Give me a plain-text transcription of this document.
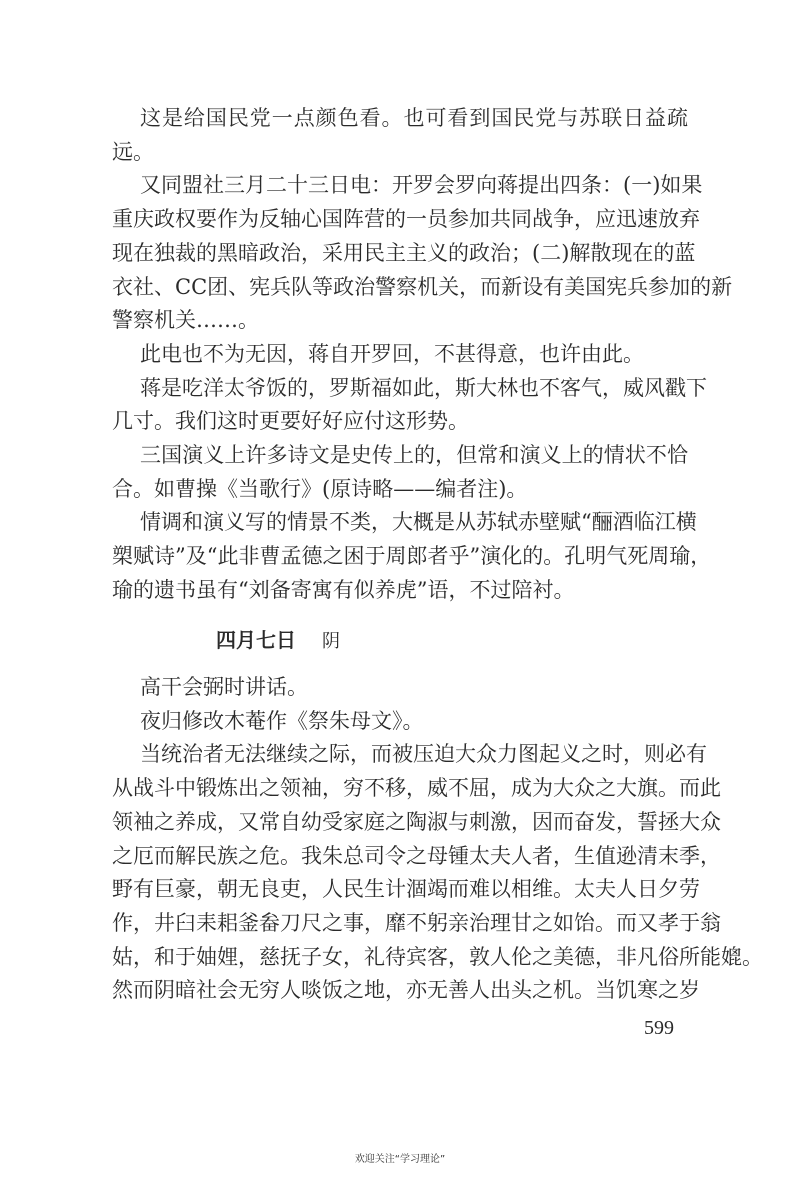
这是给国民党一点颜色看。也可看到国民党与苏联日益疏
远。
又同盟社三月二十三日电：开罗会罗向蒋提出四条：(一)如果
重庆政权要作为反轴心国阵营的一员参加共同战争，应迅速放弃
现在独裁的黑暗政治，采用民主主义的政治；(二)解散现在的蓝
衣社、CC团、宪兵队等政治警察机关，而新设有美国宪兵参加的新
警察机关……。
此电也不为无因，蒋自开罗回，不甚得意，也许由此。
蒋是吃洋太爷饭的，罗斯福如此，斯大林也不客气，威风戳下
几寸。我们这时更要好好应付这形势。
三国演义上许多诗文是史传上的，但常和演义上的情状不恰
合。如曹操《当歌行》(原诗略——编者注)。
情调和演义写的情景不类，大概是从苏轼赤壁赋“酾酒临江横
槊赋诗”及“此非曹孟德之困于周郎者乎”演化的。孔明气死周瑜，
瑜的遗书虽有“刘备寄寓有似养虎”语，不过陪衬。
高干会弼时讲话。
夜归修改木菴作《祭朱母文》。
当统治者无法继续之际，而被压迫大众力图起义之时，则必有
从战斗中锻炼出之领袖，穷不移，威不屈，成为大众之大旗。而此
领袖之养成，又常自幼受家庭之陶淑与刺激，因而奋发，誓拯大众
之厄而解民族之危。我朱总司令之母锺太夫人者，生值逊清末季，
野有巨豪，朝无良吏，人民生计涸竭而难以相维。太夫人日夕劳
作，井臼耒耜釜畚刀尺之事，靡不躬亲治理甘之如饴。而又孝于翁
姑，和于妯娌，慈抚子女，礼待宾客，敦人伦之美德，非凡俗所能媲。
然而阴暗社会无穷人啖饭之地，亦无善人出头之机。当饥寒之岁
四月七日 阴
599
欢迎关注“学习理论”
